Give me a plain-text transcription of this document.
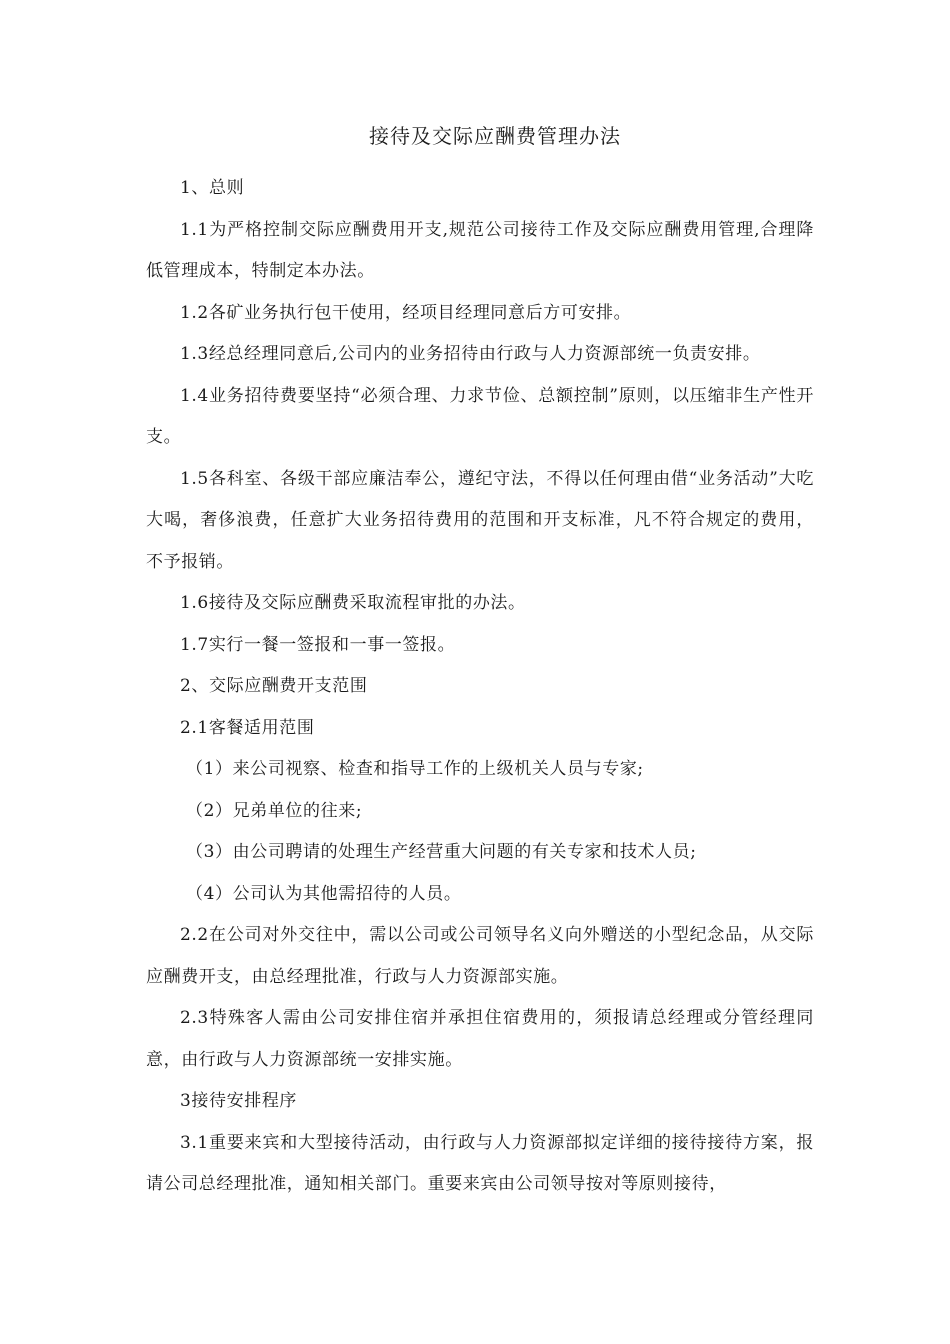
接待及交际应酬费管理办法

1、总则

1.1为严格控制交际应酬费用开支,规范公司接待工作及交际应酬费用管理,合理降低管理成本，特制定本办法。

1.2各矿业务执行包干使用，经项目经理同意后方可安排。

1.3经总经理同意后,公司内的业务招待由行政与人力资源部统一负责安排。

1.4业务招待费要坚持“必须合理、力求节俭、总额控制”原则，以压缩非生产性开支。

1.5各科室、各级干部应廉洁奉公，遵纪守法，不得以任何理由借“业务活动”大吃大喝，奢侈浪费，任意扩大业务招待费用的范围和开支标准，凡不符合规定的费用，不予报销。

1.6接待及交际应酬费采取流程审批的办法。

1.7实行一餐一签报和一事一签报。

2、交际应酬费开支范围

2.1客餐适用范围

（1）来公司视察、检查和指导工作的上级机关人员与专家;

（2）兄弟单位的往来;

（3）由公司聘请的处理生产经营重大问题的有关专家和技术人员;

（4）公司认为其他需招待的人员。

2.2在公司对外交往中，需以公司或公司领导名义向外赠送的小型纪念品，从交际应酬费开支，由总经理批准，行政与人力资源部实施。

2.3特殊客人需由公司安排住宿并承担住宿费用的，须报请总经理或分管经理同意，由行政与人力资源部统一安排实施。

3接待安排程序

3.1重要来宾和大型接待活动，由行政与人力资源部拟定详细的接待接待方案，报请公司总经理批准，通知相关部门。重要来宾由公司领导按对等原则接待，
